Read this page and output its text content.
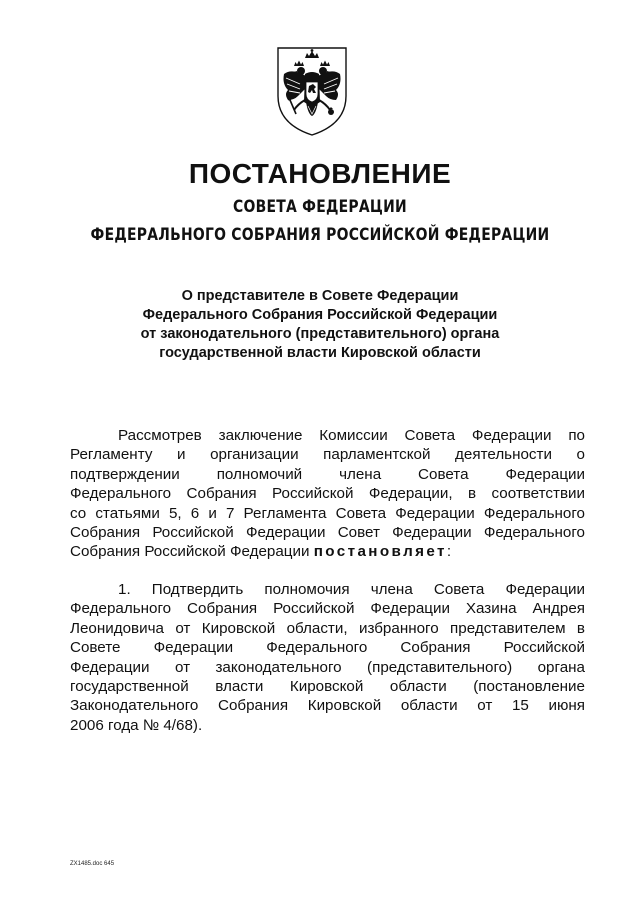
ПОСТАНОВЛЕНИЕ
СОВЕТА ФЕДЕРАЦИИ
ФЕДЕРАЛЬНОГО СОБРАНИЯ РОССИЙСКОЙ ФЕДЕРАЦИИ
О представителе в Совете Федерации
Федерального Собрания Российской Федерации
от законодательного (представительного) органа
государственной власти Кировской области
Рассмотрев заключение Комиссии Совета Федерации по
Регламенту и организации парламентской деятельности о
подтверждении полномочий члена Совета Федерации
Федерального Собрания Российской Федерации, в соответствии
со статьями 5, 6 и 7 Регламента Совета Федерации Федерального
Собрания Российской Федерации Совет Федерации Федерального
Собрания Российской Федерации постановляет:
1. Подтвердить полномочия члена Совета Федерации
Федерального Собрания Российской Федерации Хазина Андрея
Леонидовича от Кировской области, избранного представителем в
Совете Федерации Федерального Собрания Российской
Федерации от законодательного (представительного) органа
государственной власти Кировской области (постановление
Законодательного Собрания Кировской области от 15 июня
2006 года № 4/68).
ZX1485.doc 645
